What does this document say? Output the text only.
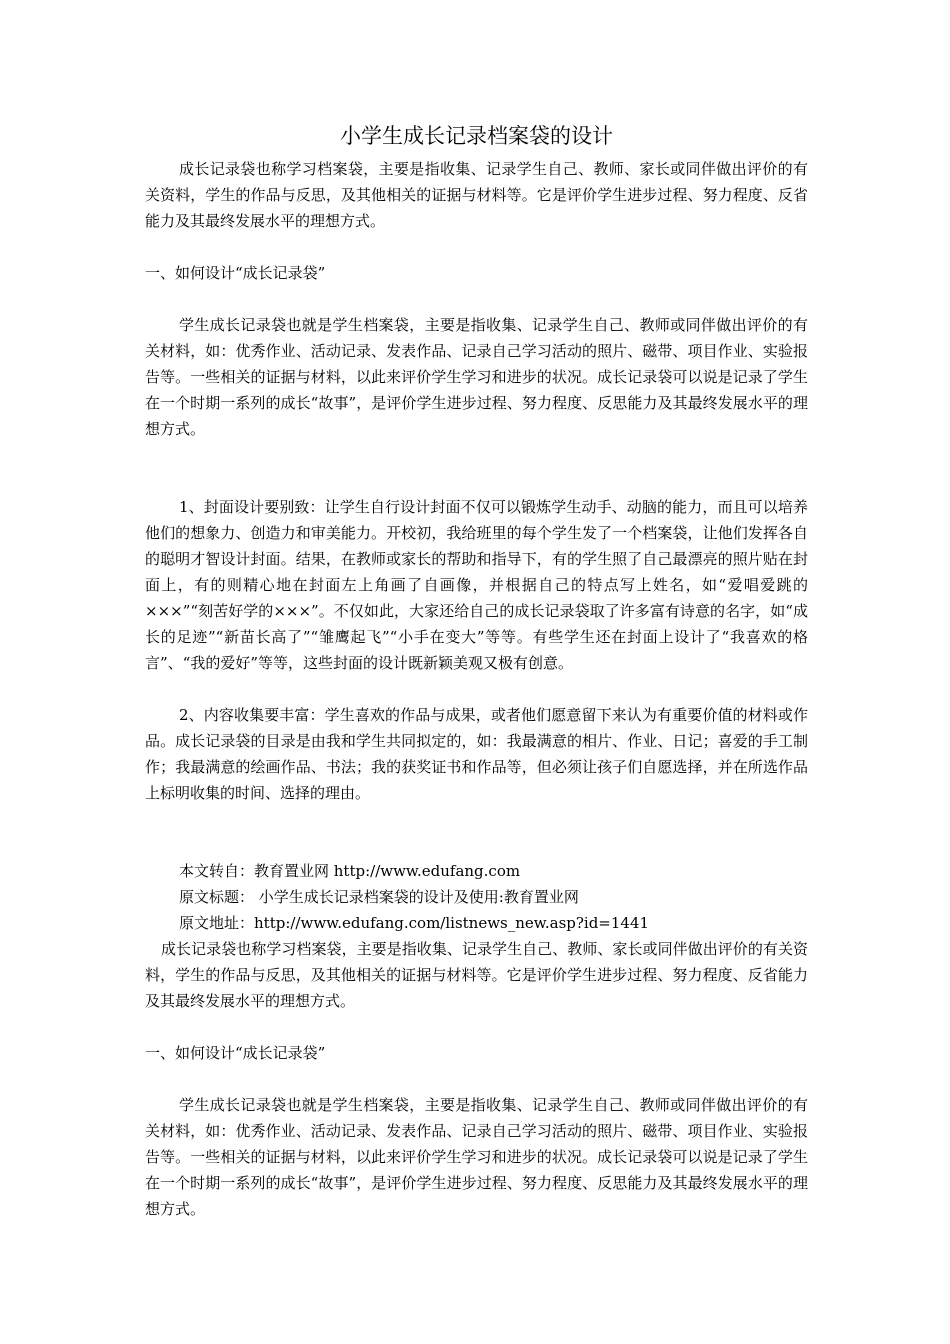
小学生成长记录档案袋的设计

成长记录袋也称学习档案袋，主要是指收集、记录学生自己、教师、家长或同伴做出评价的有关资料，学生的作品与反思，及其他相关的证据与材料等。它是评价学生进步过程、努力程度、反省能力及其最终发展水平的理想方式。

一、如何设计“成长记录袋”

学生成长记录袋也就是学生档案袋，主要是指收集、记录学生自己、教师或同伴做出评价的有关材料，如：优秀作业、活动记录、发表作品、记录自己学习活动的照片、磁带、项目作业、实验报告等。一些相关的证据与材料，以此来评价学生学习和进步的状况。成长记录袋可以说是记录了学生在一个时期一系列的成长“故事”，是评价学生进步过程、努力程度、反思能力及其最终发展水平的理想方式。

1、封面设计要别致：让学生自行设计封面不仅可以锻炼学生动手、动脑的能力，而且可以培养他们的想象力、创造力和审美能力。开校初，我给班里的每个学生发了一个档案袋，让他们发挥各自的聪明才智设计封面。结果，在教师或家长的帮助和指导下，有的学生照了自己最漂亮的照片贴在封面上，有的则精心地在封面左上角画了自画像，并根据自己的特点写上姓名，如“爱唱爱跳的×××”“刻苦好学的×××”。不仅如此，大家还给自己的成长记录袋取了许多富有诗意的名字，如“成长的足迹”“新苗长高了”“雏鹰起飞”“小手在变大”等等。有些学生还在封面上设计了“我喜欢的格言”、“我的爱好”等等，这些封面的设计既新颖美观又极有创意。

2、内容收集要丰富：学生喜欢的作品与成果，或者他们愿意留下来认为有重要价值的材料或作品。成长记录袋的目录是由我和学生共同拟定的，如：我最满意的相片、作业、日记；喜爱的手工制作；我最满意的绘画作品、书法；我的获奖证书和作品等，但必须让孩子们自愿选择，并在所选作品上标明收集的时间、选择的理由。

本文转自：教育置业网 http://www.edufang.com

原文标题： 小学生成长记录档案袋的设计及使用:教育置业网

原文地址：http://www.edufang.com/listnews_new.asp?id=1441

成长记录袋也称学习档案袋，主要是指收集、记录学生自己、教师、家长或同伴做出评价的有关资料，学生的作品与反思，及其他相关的证据与材料等。它是评价学生进步过程、努力程度、反省能力及其最终发展水平的理想方式。

一、如何设计“成长记录袋”

学生成长记录袋也就是学生档案袋，主要是指收集、记录学生自己、教师或同伴做出评价的有关材料，如：优秀作业、活动记录、发表作品、记录自己学习活动的照片、磁带、项目作业、实验报告等。一些相关的证据与材料，以此来评价学生学习和进步的状况。成长记录袋可以说是记录了学生在一个时期一系列的成长“故事”，是评价学生进步过程、努力程度、反思能力及其最终发展水平的理想方式。
